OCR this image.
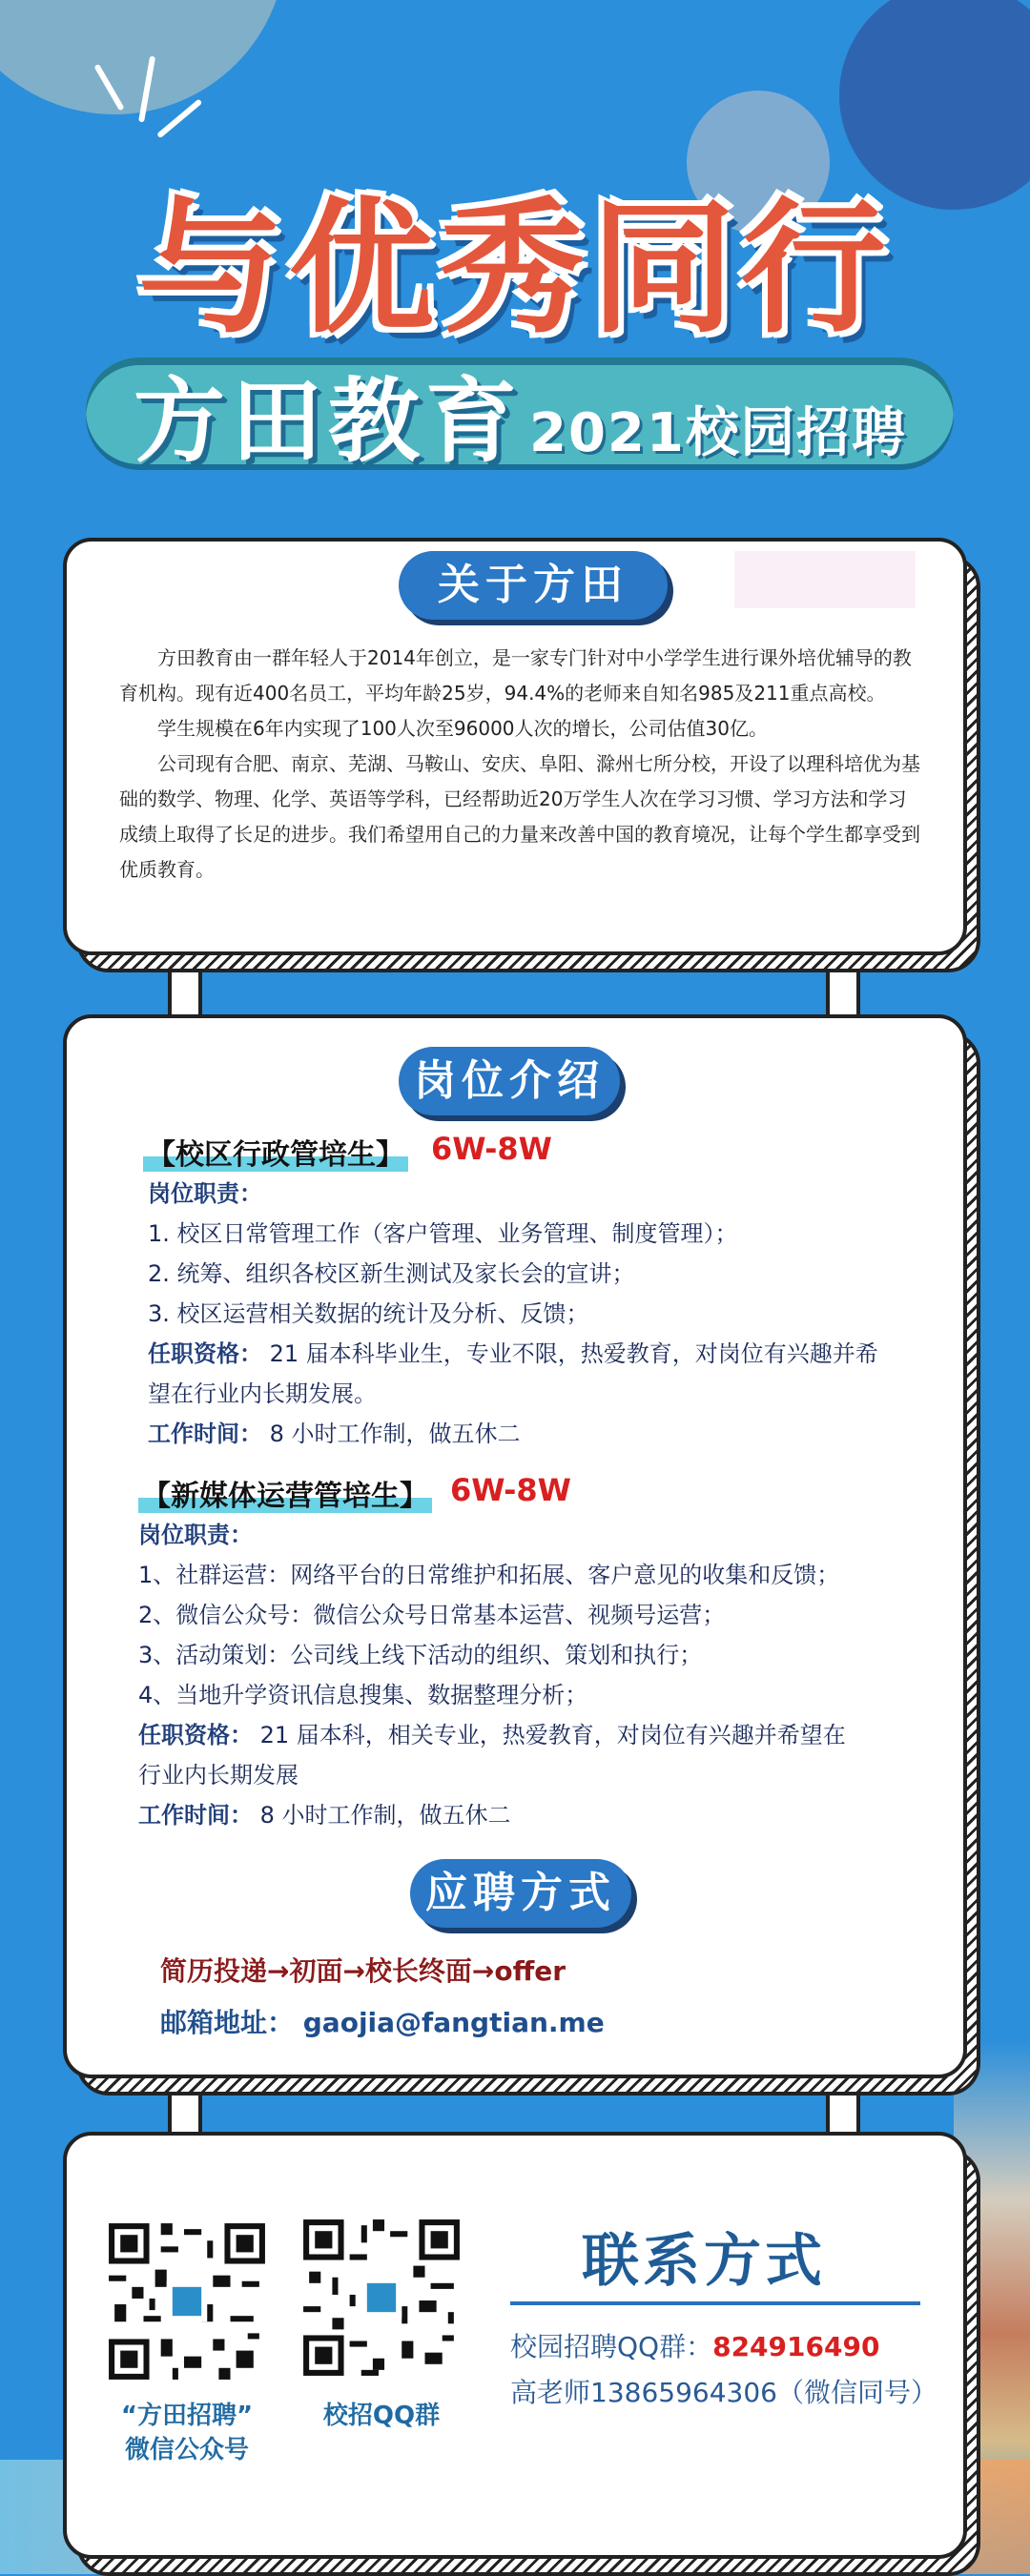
与优秀同行
方田教育 2021校园招聘
关于方田

方田教育由一群年轻人于2014年创立，是一家专门针对中小学学生进行课外培优辅导的教育机构。现有近400名员工，平均年龄25岁，94.4%的老师来自知名985及211重点高校。

学生规模在6年内实现了100人次至96000人次的增长，公司估值30亿。

公司现有合肥、南京、芜湖、马鞍山、安庆、阜阳、滁州七所分校，开设了以理科培优为基础的数学、物理、化学、英语等学科，已经帮助近20万学生人次在学习习惯、学习方法和学习成绩上取得了长足的进步。我们希望用自己的力量来改善中国的教育境况，让每个学生都享受到优质教育。

岗位介绍
【校区行政管培生】 6W-8W
岗位职责：
1. 校区日常管理工作（客户管理、业务管理、制度管理）；
2. 统筹、组织各校区新生测试及家长会的宣讲；
3. 校区运营相关数据的统计及分析、反馈；
任职资格： 21 届本科毕业生，专业不限，热爱教育，对岗位有兴趣并希
望在行业内长期发展。
工作时间： 8 小时工作制，做五休二
【新媒体运营管培生】 6W-8W
岗位职责：
1、社群运营：网络平台的日常维护和拓展、客户意见的收集和反馈；
2、微信公众号：微信公众号日常基本运营、视频号运营；
3、活动策划：公司线上线下活动的组织、策划和执行；
4、当地升学资讯信息搜集、数据整理分析；
任职资格： 21 届本科，相关专业，热爱教育，对岗位有兴趣并希望在
行业内长期发展
工作时间： 8 小时工作制，做五休二
应聘方式
简历投递→初面→校长终面→offer
邮箱地址： gaojia@fangtian.me
“方田招聘”
微信公众号
校招QQ群
联系方式
校园招聘QQ群：824916490
高老师13865964306（微信同号）
